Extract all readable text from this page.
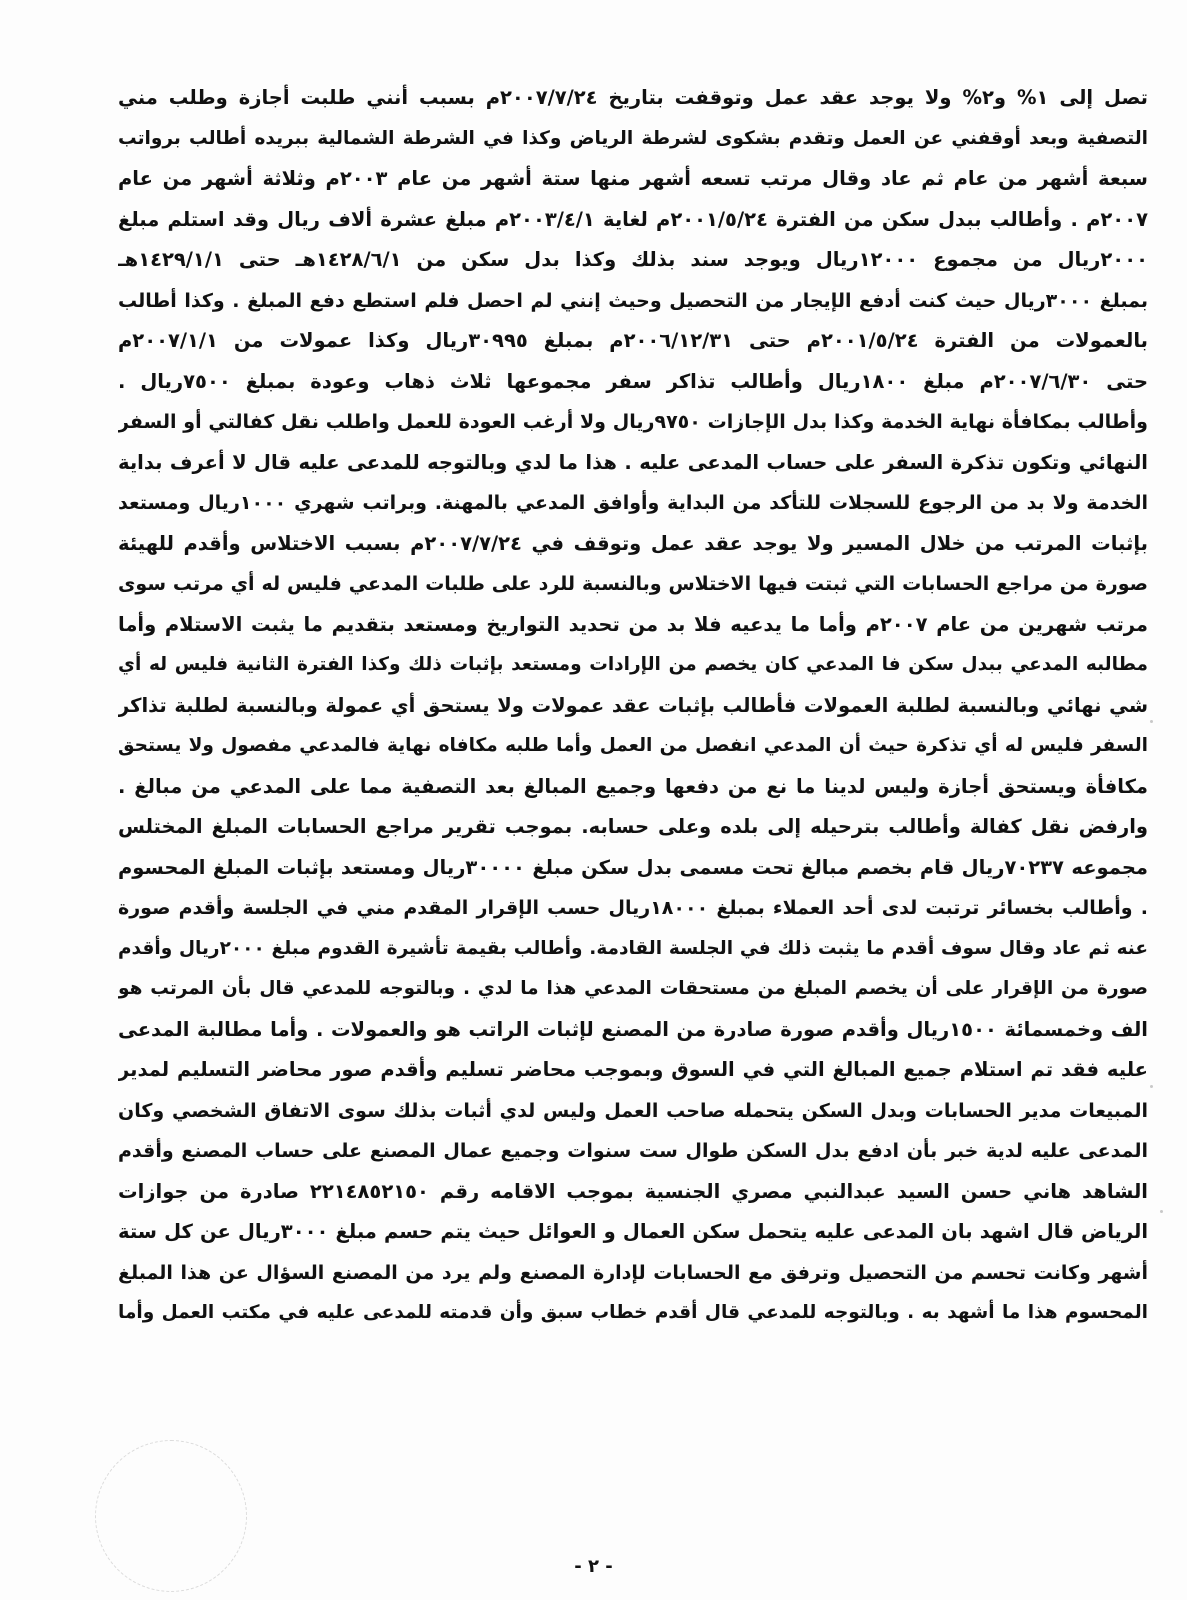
تصل إلى ١% و٢% ولا يوجد عقد عمل وتوقفت بتاريخ ٢٠٠٧/٧/٢٤م بسبب أنني طلبت أجازة وطلب مني
التصفية وبعد أوقفني عن العمل وتقدم بشكوى لشرطة الرياض وكذا في الشرطة الشمالية ببريده أطالب برواتب
سبعة أشهر من عام ثم عاد وقال مرتب تسعه أشهر منها ستة أشهر من عام ٢٠٠٣م وثلاثة أشهر من عام
٢٠٠٧م . وأطالب ببدل سكن من الفترة ٢٠٠١/٥/٢٤م لغاية ٢٠٠٣/٤/١م مبلغ عشرة ألاف ريال وقد استلم مبلغ
٢٠٠٠ريال من مجموع ١٢٠٠٠ريال ويوجد سند بذلك وكذا بدل سكن من ١٤٢٨/٦/١هـ حتى ١٤٢٩/١/١هـ
بمبلغ ٣٠٠٠ريال حيث كنت أدفع الإيجار من التحصيل وحيث إنني لم احصل فلم استطع دفع المبلغ . وكذا أطالب
بالعمولات من الفترة ٢٠٠١/٥/٢٤م حتى ٢٠٠٦/١٢/٣١م بمبلغ ٣٠٩٩٥ريال وكذا عمولات من ٢٠٠٧/١/١م
حتى ٢٠٠٧/٦/٣٠م مبلغ ١٨٠٠ريال وأطالب تذاكر سفر مجموعها ثلاث ذهاب وعودة بمبلغ ٧٥٠٠ريال .
وأطالب بمكافأة نهاية الخدمة وكذا بدل الإجازات ٩٧٥٠ريال ولا أرغب العودة للعمل واطلب نقل كفالتي أو السفر
النهائي وتكون تذكرة السفر على حساب المدعى عليه . هذا ما لدي وبالتوجه للمدعى عليه قال لا أعرف بداية
الخدمة ولا بد من الرجوع للسجلات للتأكد من البداية وأوافق المدعي بالمهنة. وبراتب شهري ١٠٠٠ريال ومستعد
بإثبات المرتب من خلال المسير ولا يوجد عقد عمل وتوقف في ٢٠٠٧/٧/٢٤م بسبب الاختلاس وأقدم للهيئة
صورة من مراجع الحسابات التي ثبتت فيها الاختلاس وبالنسبة للرد على طلبات المدعي فليس له أي مرتب سوى
مرتب شهرين من عام ٢٠٠٧م وأما ما يدعيه فلا بد من تحديد التواريخ ومستعد بتقديم ما يثبت الاستلام وأما
مطالبه المدعي ببدل سكن فا المدعي كان يخصم من الإرادات ومستعد بإثبات ذلك وكذا الفترة الثانية فليس له أي
شي نهائي وبالنسبة لطلبة العمولات فأطالب بإثبات عقد عمولات ولا يستحق أي عمولة وبالنسبة لطلبة تذاكر
السفر فليس له أي تذكرة حيث أن المدعي انفصل من العمل وأما طلبه مكافاه نهاية فالمدعي مفصول ولا يستحق
مكافأة ويستحق أجازة وليس لدينا ما نع من دفعها وجميع المبالغ بعد التصفية مما على المدعي من مبالغ .
وارفض نقل كفالة وأطالب بترحيله إلى بلده وعلى حسابه. بموجب تقرير مراجع الحسابات المبلغ المختلس
مجموعه ٧٠٢٣٧ريال قام بخصم مبالغ تحت مسمى بدل سكن مبلغ ٣٠٠٠٠ريال ومستعد بإثبات المبلغ المحسوم
. وأطالب بخسائر ترتبت لدى أحد العملاء بمبلغ ١٨٠٠٠ريال حسب الإقرار المقدم مني في الجلسة وأقدم صورة
عنه ثم عاد وقال سوف أقدم ما يثبت ذلك في الجلسة القادمة. وأطالب بقيمة تأشيرة القدوم مبلغ ٢٠٠٠ريال وأقدم
صورة من الإقرار على أن يخصم المبلغ من مستحقات المدعي هذا ما لدي . وبالتوجه للمدعي قال بأن المرتب هو
الف وخمسمائة ١٥٠٠ريال وأقدم صورة صادرة من المصنع لإثبات الراتب هو والعمولات . وأما مطالبة المدعى
عليه فقد تم استلام جميع المبالغ التي في السوق وبموجب محاضر تسليم وأقدم صور محاضر التسليم لمدير
المبيعات مدير الحسابات وبدل السكن يتحمله صاحب العمل وليس لدي أثبات بذلك سوى الاتفاق الشخصي وكان
المدعى عليه لدية خبر بأن ادفع بدل السكن طوال ست سنوات وجميع عمال المصنع على حساب المصنع وأقدم
الشاهد هاني حسن السيد عبدالنبي مصري الجنسية بموجب الاقامه رقم ٢٢١٤٨٥٢١٥٠ صادرة من جوازات
الرياض قال اشهد بان المدعى عليه يتحمل سكن العمال و العوائل حيث يتم حسم مبلغ ٣٠٠٠ريال عن كل ستة
أشهر وكانت تحسم من التحصيل وترفق مع الحسابات لإدارة المصنع ولم يرد من المصنع السؤال عن هذا المبلغ
المحسوم هذا ما أشهد به . وبالتوجه للمدعي قال أقدم خطاب سبق وأن قدمته للمدعى عليه في مكتب العمل وأما
- ٢ -
